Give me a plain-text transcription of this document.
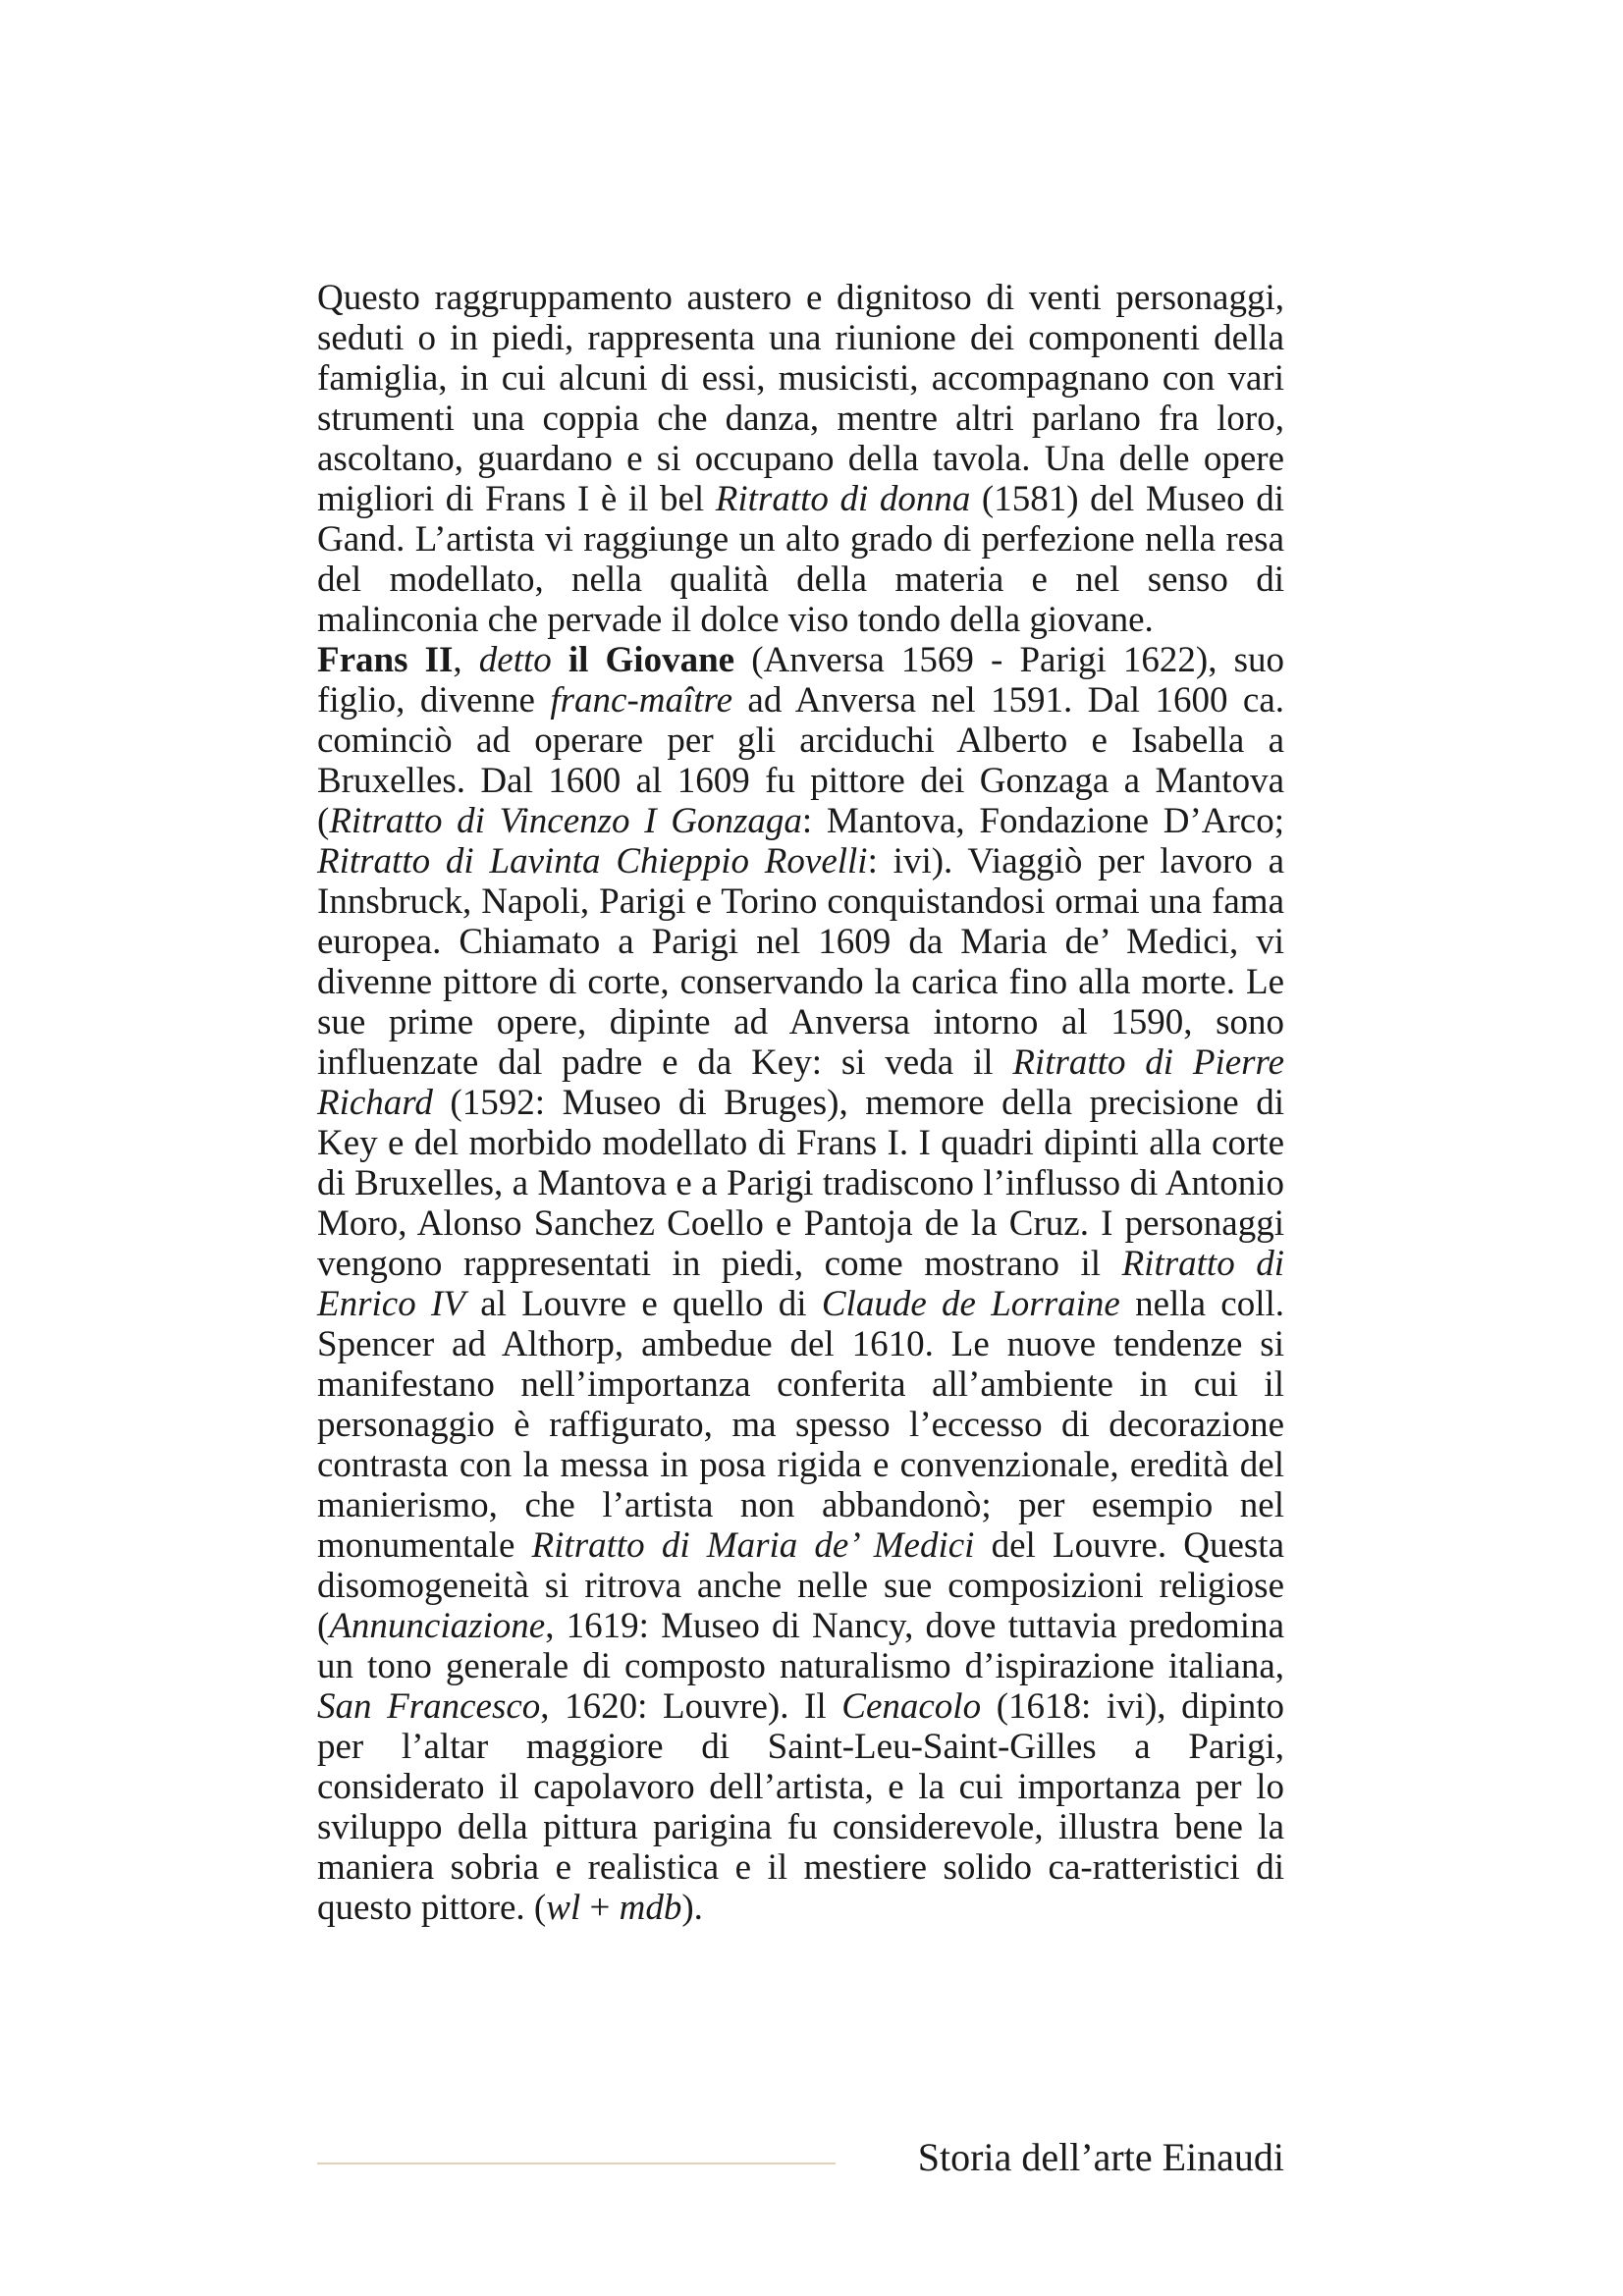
Questo raggruppamento austero e dignitoso di venti personaggi, seduti o in piedi, rappresenta una riunione dei componenti della famiglia, in cui alcuni di essi, musicisti, accompagnano con vari strumenti una coppia che danza, mentre altri parlano fra loro, ascoltano, guardano e si occupano della tavola. Una delle opere migliori di Frans I è il bel Ritratto di donna (1581) del Museo di Gand. L’artista vi raggiunge un alto grado di perfezione nella resa del modellato, nella qualità della materia e nel senso di malinconia che pervade il dolce viso tondo della giovane.

Frans II, detto il Giovane (Anversa 1569 - Parigi 1622), suo figlio, divenne franc-maître ad Anversa nel 1591. Dal 1600 ca. cominciò ad operare per gli arciduchi Alberto e Isabella a Bruxelles. Dal 1600 al 1609 fu pittore dei Gonzaga a Mantova (Ritratto di Vincenzo I Gonzaga: Mantova, Fondazione D’Arco; Ritratto di Lavinta Chieppio Rovelli: ivi). Viaggiò per lavoro a Innsbruck, Napoli, Parigi e Torino conquistandosi ormai una fama europea. Chiamato a Parigi nel 1609 da Maria de’ Medici, vi divenne pittore di corte, conservando la carica fino alla morte. Le sue prime opere, dipinte ad Anversa intorno al 1590, sono influenzate dal padre e da Key: si veda il Ritratto di Pierre Richard (1592: Museo di Bruges), memore della precisione di Key e del morbido modellato di Frans I. I quadri dipinti alla corte di Bruxelles, a Mantova e a Parigi tradiscono l’influsso di Antonio Moro, Alonso Sanchez Coello e Pantoja de la Cruz. I personaggi vengono rappresentati in piedi, come mostrano il Ritratto di Enrico IV al Louvre e quello di Claude de Lorraine nella coll. Spencer ad Althorp, ambedue del 1610. Le nuove tendenze si manifestano nell’importanza conferita all’ambiente in cui il personaggio è raffigurato, ma spesso l’eccesso di decorazione contrasta con la messa in posa rigida e convenzionale, eredità del manierismo, che l’artista non abbandonò; per esempio nel monumentale Ritratto di Maria de’ Medici del Louvre. Questa disomogeneità si ritrova anche nelle sue composizioni religiose (Annunciazione, 1619: Museo di Nancy, dove tuttavia predomina un tono generale di composto naturalismo d’ispirazione italiana, San Francesco, 1620: Louvre). Il Cenacolo (1618: ivi), dipinto per l’altar maggiore di Saint-Leu-Saint-Gilles a Parigi, considerato il capolavoro dell’artista, e la cui importanza per lo sviluppo della pittura parigina fu considerevole, illustra bene la maniera sobria e realistica e il mestiere solido ca-ratteristici di questo pittore. (wl + mdb).

Storia dell’arte Einaudi
